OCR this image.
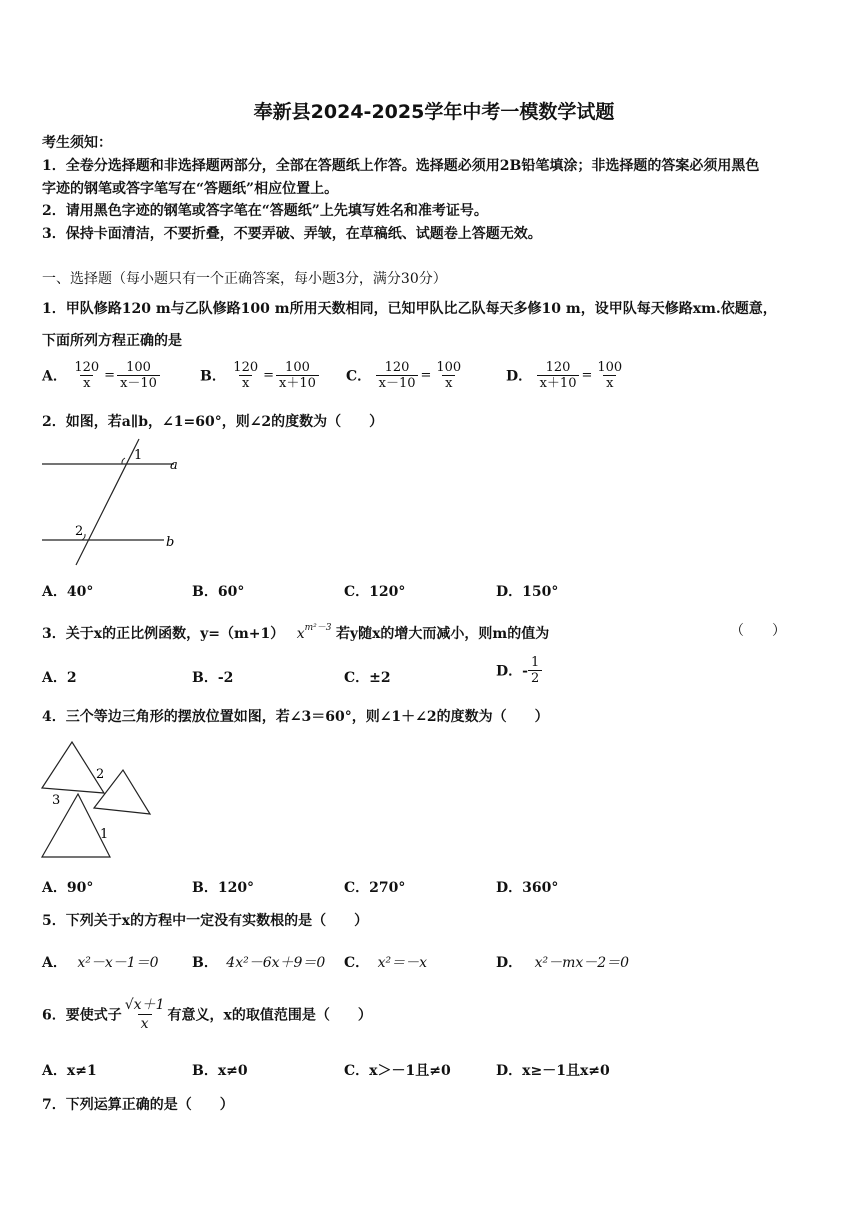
奉新县2024-2025学年中考一模数学试题
考生须知：
1．全卷分选择题和非选择题两部分，全部在答题纸上作答。选择题必须用2B铅笔填涂；非选择题的答案必须用黑色
字迹的钢笔或答字笔写在“答题纸”相应位置上。
2．请用黑色字迹的钢笔或答字笔在“答题纸”上先填写姓名和准考证号。
3．保持卡面清洁，不要折叠，不要弄破、弄皱，在草稿纸、试题卷上答题无效。
一、选择题（每小题只有一个正确答案，每小题3分，满分30分）
1．甲队修路120 m与乙队修路100 m所用天数相同，已知甲队比乙队每天多修10 m，设甲队每天修路xm.依题意，
下面所列方程正确的是
A． $\frac{120}{x} = \frac{100}{x-10}$	B． $\frac{120}{x} = \frac{100}{x+10}$ C． $\frac{120}{x-10} = \frac{100}{x}$	D． $\frac{120}{x+10} = \frac{100}{x}$
2．如图，若a∥b，∠1=60°，则∠2的度数为（　　）
1
2
a
b
A．40°	B．60°	C．120°	D．150°
3．关于x的正比例函数，y=（m+1） $x^{m^2-3}$ 若y随x的增大而减小，则m的值为	（　　）
A．2	B．-2	C．±2	D．- $\frac{1}{2}$
4．三个等边三角形的摆放位置如图，若∠3＝60°，则∠1＋∠2的度数为（　　）
2
3
1
A．90°	B．120°	C．270°	D．360°
5．下列关于x的方程中一定没有实数根的是（　　）
A． x²－x－1＝0 B． 4x²－6x＋9＝0 C． x²＝－x	D． x²－mx－2＝0
6．要使式子 $\frac{√x+1}{x}$ 有意义，x的取值范围是（　　）
A．x≠1	B．x≠0	C．x＞－1且≠0	D．x≥－1且x≠0
7．下列运算正确的是（　　）
